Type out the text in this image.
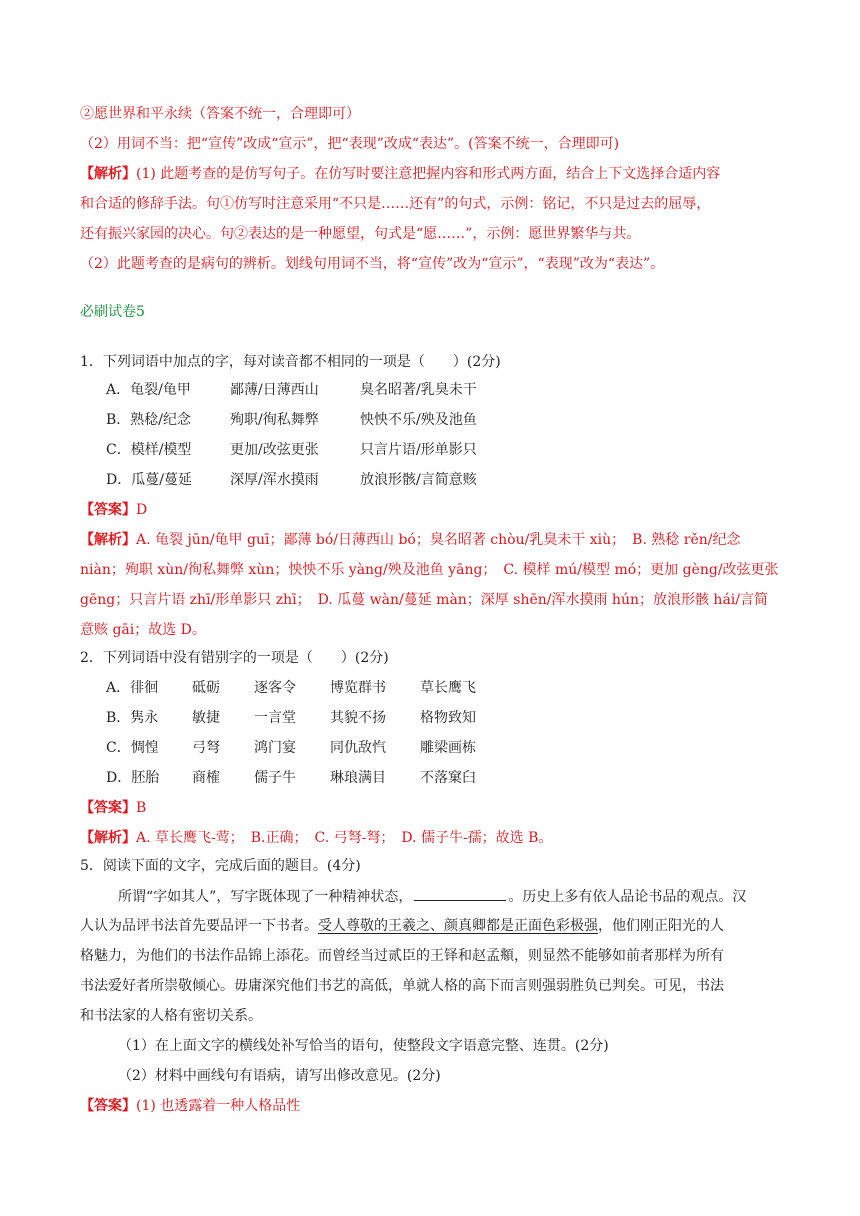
②愿世界和平永续（答案不统一，合理即可）
（2）用词不当：把“宣传”改成“宣示”，把“表现”改成“表达”。(答案不统一，合理即可)
【解析】(1) 此题考查的是仿写句子。在仿写时要注意把握内容和形式两方面，结合上下文选择合适内容
和合适的修辞手法。句①仿写时注意采用“不只是……还有”的句式，示例：铭记，不只是过去的屈辱，
还有振兴家园的决心。句②表达的是一种愿望，句式是“愿……”，示例：愿世界繁华与共。
（2）此题考查的是病句的辨析。划线句用词不当，将“宣传”改为“宣示”，“表现”改为“表达”。
必刷试卷5
1．下列词语中加点的字，每对读音都不相同的一项是（　　）(2分)
A．龟裂/龟甲	鄙薄/日薄西山	臭名昭著/乳臭未干
B．熟稔/纪念	殉职/徇私舞弊	怏怏不乐/殃及池鱼
C．模样/模型	更加/改弦更张	只言片语/形单影只
D．瓜蔓/蔓延	深厚/浑水摸雨	放浪形骸/言简意赅
【答案】D
【解析】A. 龟裂 jūn/龟甲 guī；鄙薄 bó/日薄西山 bó；臭名昭著 chòu/乳臭未干 xiù；　B. 熟稔 rěn/纪念
niàn；殉职 xùn/徇私舞弊 xùn；怏怏不乐 yàng/殃及池鱼 yāng；　C. 模样 mú/模型 mó；更加 gèng/改弦更张
gēng；只言片语 zhī/形单影只 zhī；　D. 瓜蔓 wàn/蔓延 màn；深厚 shēn/浑水摸雨 hún；放浪形骸 hái/言简
意赅 gāi；故选 D。
2．下列词语中没有错别字的一项是（　　）(2分)
A．徘徊 砥砺 逐客令 博览群书 草长鹰飞
B．隽永 敏捷 一言堂 其貌不扬 格物致知
C．惆惶 弓弩 鸿门宴 同仇敌忾 雕梁画栋
D．胚胎 商榷 儒子牛 琳琅满目 不落窠臼
【答案】B
【解析】A. 草长鹰飞-莺；　B.正确；　C. 弓弩-弩；　D. 儒子牛-孺；故选 B。
5．阅读下面的文字，完成后面的题目。(4分)
所谓“字如其人”，写字既体现了一种精神状态，	。历史上多有依人品论书品的观点。汉
人认为品评书法首先要品评一下书者。受人尊敬的王羲之、颜真卿都是正面色彩极强，他们刚正阳光的人
格魅力，为他们的书法作品锦上添花。而曾经当过贰臣的王铎和赵孟頫，则显然不能够如前者那样为所有
书法爱好者所崇敬倾心。毋庸深究他们书艺的高低，单就人格的高下而言则强弱胜负已判矣。可见，书法
和书法家的人格有密切关系。
（1）在上面文字的横线处补写恰当的语句，使整段文字语意完整、连贯。(2分)
（2）材料中画线句有语病，请写出修改意见。(2分)
【答案】(1) 也透露着一种人格品性
